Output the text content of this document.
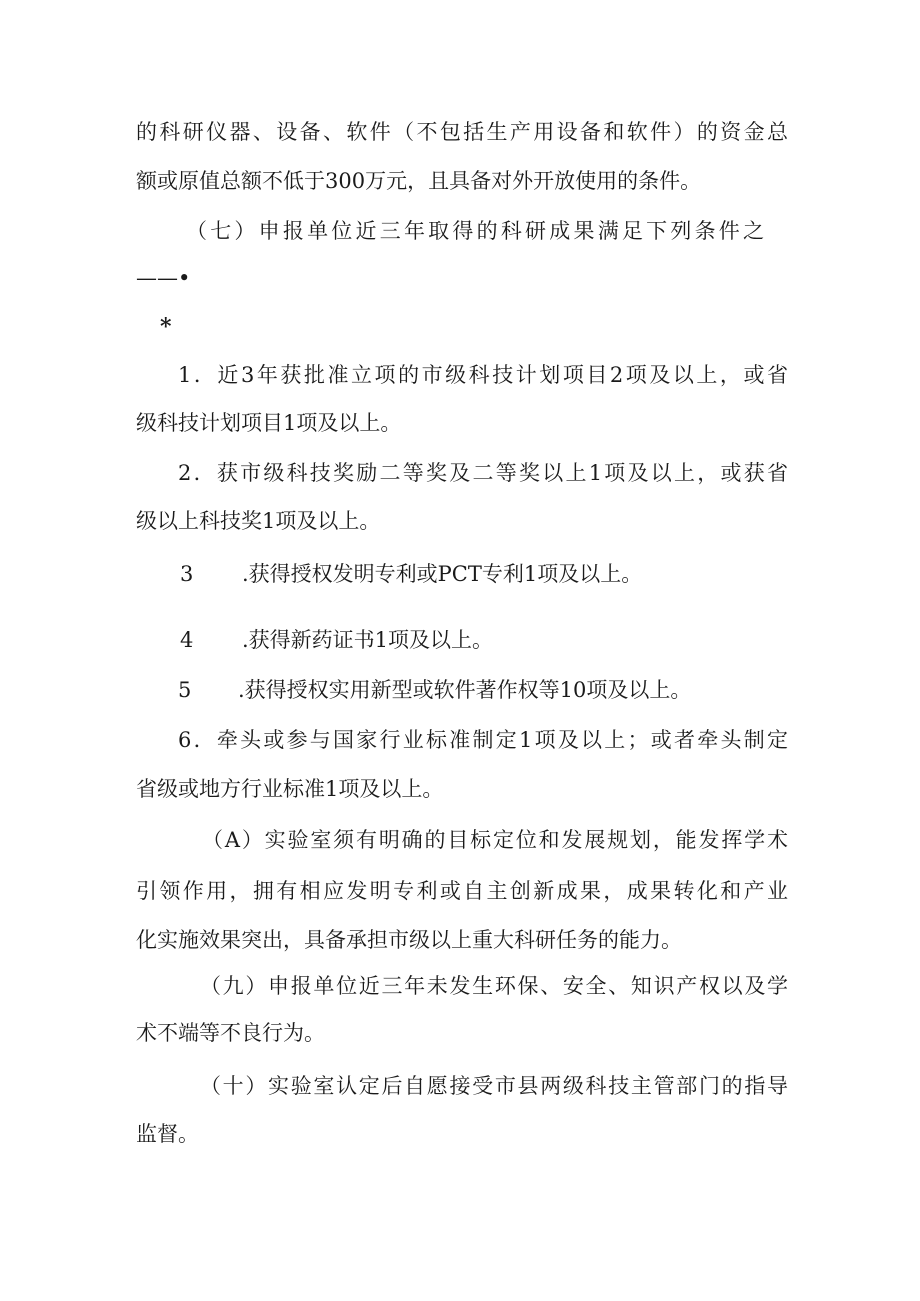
的科研仪器、设备、软件（不包括生产用设备和软件）的资金总
额或原值总额不低于300万元，且具备对外开放使用的条件。
（七）申报单位近三年取得的科研成果满足下列条件之
——•
*
1．近3年获批准立项的市级科技计划项目2项及以上，或省
级科技计划项目1项及以上。
2．获市级科技奖励二等奖及二等奖以上1项及以上，或获省
级以上科技奖1项及以上。
3 .获得授权发明专利或PCT专利1项及以上。
4 .获得新药证书1项及以上。
5 .获得授权实用新型或软件著作权等10项及以上。
6．牵头或参与国家行业标准制定1项及以上；或者牵头制定
省级或地方行业标准1项及以上。
（A）实验室须有明确的目标定位和发展规划，能发挥学术
引领作用，拥有相应发明专利或自主创新成果，成果转化和产业
化实施效果突出，具备承担市级以上重大科研任务的能力。
（九）申报单位近三年未发生环保、安全、知识产权以及学
术不端等不良行为。
（十）实验室认定后自愿接受市县两级科技主管部门的指导
监督。
